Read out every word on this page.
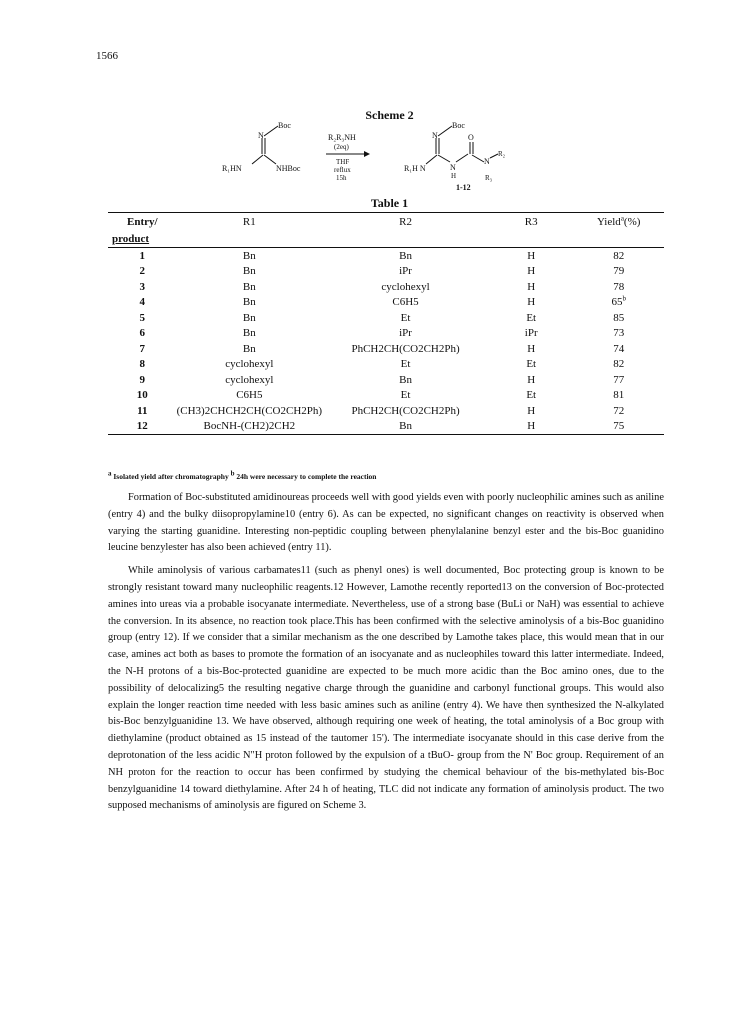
1566
Scheme 2
N
Boc
R₁HN	NHBoc
R₂R₃NH
(2eq)
THF
reflux
15h
N
Boc
O
R₁H N	N
H
N
R₂
R₃
1-12
Table 1
Entry/	R1	R2	R3	Yield$^a$(%)

product				

1	Bn	Bn	H	82
2	Bn	iPr	H	79
3	Bn	cyclohexyl	H	78
4	Bn	C6H5	H	65$^b$
5	Bn	Et	Et	85
6	Bn	iPr	iPr	73
7	Bn	PhCH2CH(CO2CH2Ph)	H	74
8	cyclohexyl	Et	Et	82
9	cyclohexyl	Bn	H	77
10	C6H5	Et	Et	81
11	(CH3)2CHCH2CH(CO2CH2Ph)	PhCH2CH(CO2CH2Ph)	H	72
12	BocNH-(CH2)2CH2	Bn	H	75
$^a$ Isolated yield after chromatography $^b$ 24h were necessary to complete the reaction

Formation of Boc-substituted amidinoureas proceeds well with good yields even with poorly nucleophilic amines such as aniline (entry 4) and the bulky diisopropylamine10 (entry 6). As can be expected, no significant changes on reactivity is observed when varying the starting guanidine. Interesting non-peptidic coupling between phenylalanine benzyl ester and the bis-Boc guanidino leucine benzylester has also been achieved (entry 11).

While aminolysis of various carbamates11 (such as phenyl ones) is well documented, Boc protecting group is known to be strongly resistant toward many nucleophilic reagents.12 However, Lamothe recently reported13 on the conversion of Boc-protected amines into ureas via a probable isocyanate intermediate. Nevertheless, use of a strong base (BuLi or NaH) was essential to achieve the conversion. In its absence, no reaction took place.This has been confirmed with the selective aminolysis of a bis-Boc guanidino group (entry 12). If we consider that a similar mechanism as the one described by Lamothe takes place, this would mean that in our case, amines act both as bases to promote the formation of an isocyanate and as nucleophiles toward this latter intermediate. Indeed, the N-H protons of a bis-Boc-protected guanidine are expected to be much more acidic than the Boc amino ones, due to the possibility of delocalizing5 the resulting negative charge through the guanidine and carbonyl functional groups. This would also explain the longer reaction time needed with less basic amines such as aniline (entry 4). We have then synthesized the N-alkylated bis-Boc benzylguanidine 13. We have observed, although requiring one week of heating, the total aminolysis of a Boc group with diethylamine (product obtained as 15 instead of the tautomer 15'). The intermediate isocyanate should in this case derive from the deprotonation of the less acidic N"H proton followed by the expulsion of a tBuO- group from the N' Boc group. Requirement of an NH proton for the reaction to occur has been confirmed by studying the chemical behaviour of the bis-methylated bis-Boc benzylguanidine 14 toward diethylamine. After 24 h of heating, TLC did not indicate any formation of aminolysis product. The two supposed mechanisms of aminolysis are figured on Scheme 3.
